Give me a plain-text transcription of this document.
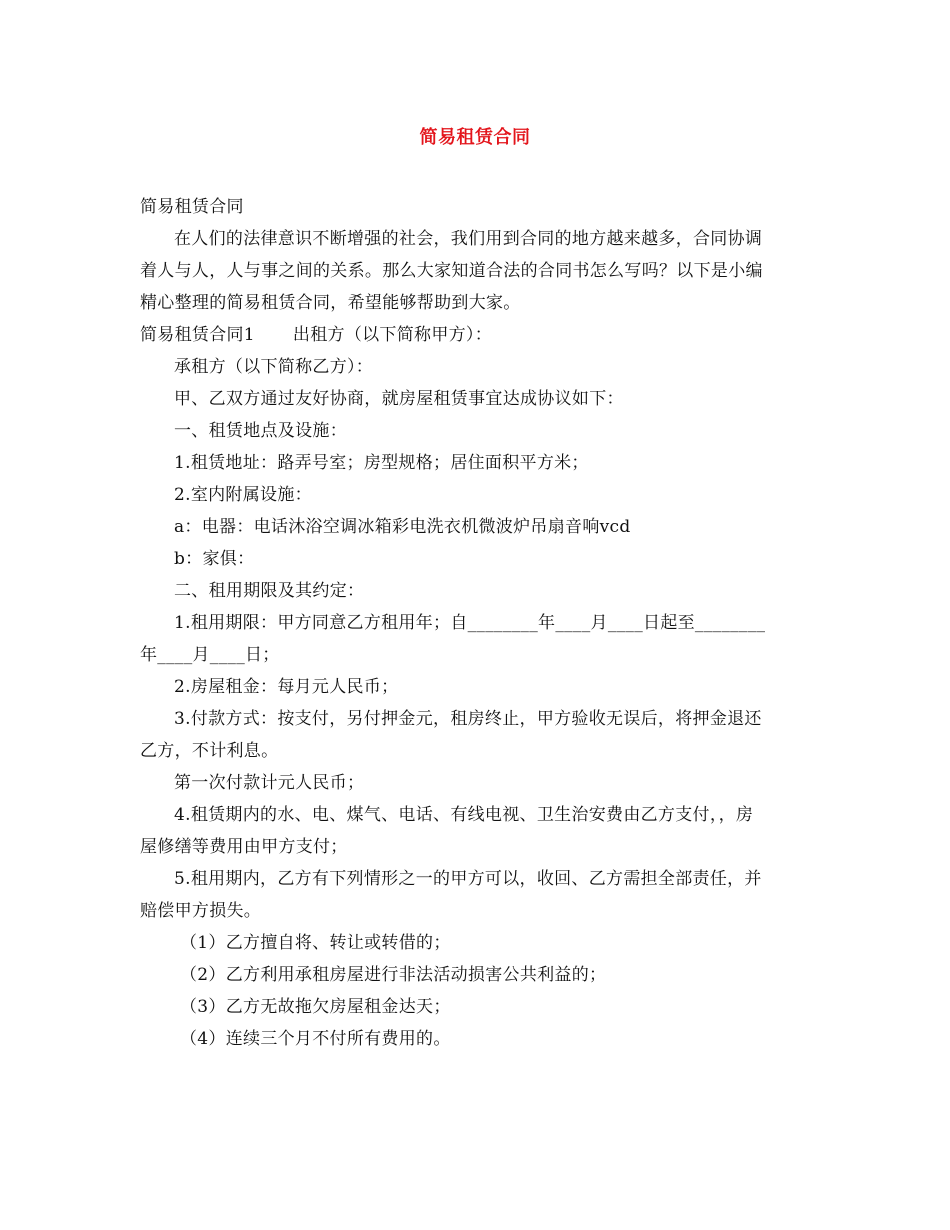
简易租赁合同
简易租赁合同
在人们的法律意识不断增强的社会，我们用到合同的地方越来越多，合同协调
着人与人，人与事之间的关系。那么大家知道合法的合同书怎么写吗？以下是小编
精心整理的简易租赁合同，希望能够帮助到大家。
简易租赁合同1 出租方（以下简称甲方）：
承租方（以下简称乙方）：
甲、乙双方通过友好协商，就房屋租赁事宜达成协议如下：
一、租赁地点及设施：
1.租赁地址：路弄号室；房型规格；居住面积平方米；
2.室内附属设施：
a：电器：电话沐浴空调冰箱彩电洗衣机微波炉吊扇音响vcd
b：家俱：
二、租用期限及其约定：
1.租用期限：甲方同意乙方租用年；自________年____月____日起至________
年____月____日；
2.房屋租金：每月元人民币；
3.付款方式：按支付，另付押金元，租房终止，甲方验收无误后，将押金退还
乙方，不计利息。
第一次付款计元人民币；
4.租赁期内的水、电、煤气、电话、有线电视、卫生治安费由乙方支付，，房
屋修缮等费用由甲方支付；
5.租用期内，乙方有下列情形之一的甲方可以，收回、乙方需担全部责任，并
赔偿甲方损失。
（1）乙方擅自将、转让或转借的；
（2）乙方利用承租房屋进行非法活动损害公共利益的；
（3）乙方无故拖欠房屋租金达天；
（4）连续三个月不付所有费用的。
